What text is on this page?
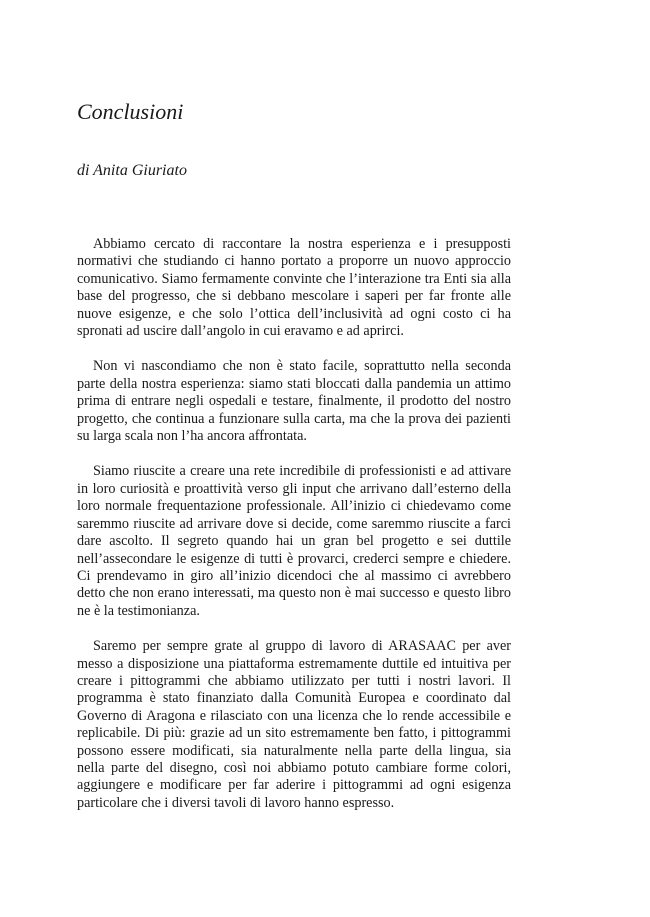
Conclusioni

di Anita Giuriato

Abbiamo cercato di raccontare la nostra esperienza e i presupposti normativi che studiando ci hanno portato a proporre un nuovo approccio comunicativo. Siamo fermamente convinte che l’interazione tra Enti sia alla base del progresso, che si debbano mescolare i saperi per far fronte alle nuove esigenze, e che solo l’ottica dell’inclusività ad ogni costo ci ha spronati ad uscire dall’angolo in cui eravamo e ad aprirci.

Non vi nascondiamo che non è stato facile, soprattutto nella seconda parte della nostra esperienza: siamo stati bloccati dalla pandemia un attimo prima di entrare negli ospedali e testare, finalmente, il prodotto del nostro progetto, che continua a funzionare sulla carta, ma che la prova dei pazienti su larga scala non l’ha ancora affrontata.

Siamo riuscite a creare una rete incredibile di professionisti e ad attivare in loro curiosità e proattività verso gli input che arrivano dall’esterno della loro normale frequentazione professionale. All’inizio ci chiedevamo come saremmo riuscite ad arrivare dove si decide, come saremmo riuscite a farci dare ascolto. Il segreto quando hai un gran bel progetto e sei duttile nell’assecondare le esigenze di tutti è provarci, crederci sempre e chiedere. Ci prendevamo in giro all’inizio dicendoci che al massimo ci avrebbero detto che non erano interessati, ma questo non è mai successo e questo libro ne è la testimonianza.

Saremo per sempre grate al gruppo di lavoro di ARASAAC per aver messo a disposizione una piattaforma estremamente duttile ed intuitiva per creare i pittogrammi che abbiamo utilizzato per tutti i nostri lavori. Il programma è stato finanziato dalla Comunità Europea e coordinato dal Governo di Aragona e rilasciato con una licenza che lo rende accessibile e replicabile. Di più: grazie ad un sito estremamente ben fatto, i pittogrammi possono essere modificati, sia naturalmente nella parte della lingua, sia nella parte del disegno, così noi abbiamo potuto cambiare forme colori, aggiungere e modificare per far aderire i pittogrammi ad ogni esigenza particolare che i diversi tavoli di lavoro hanno espresso.
